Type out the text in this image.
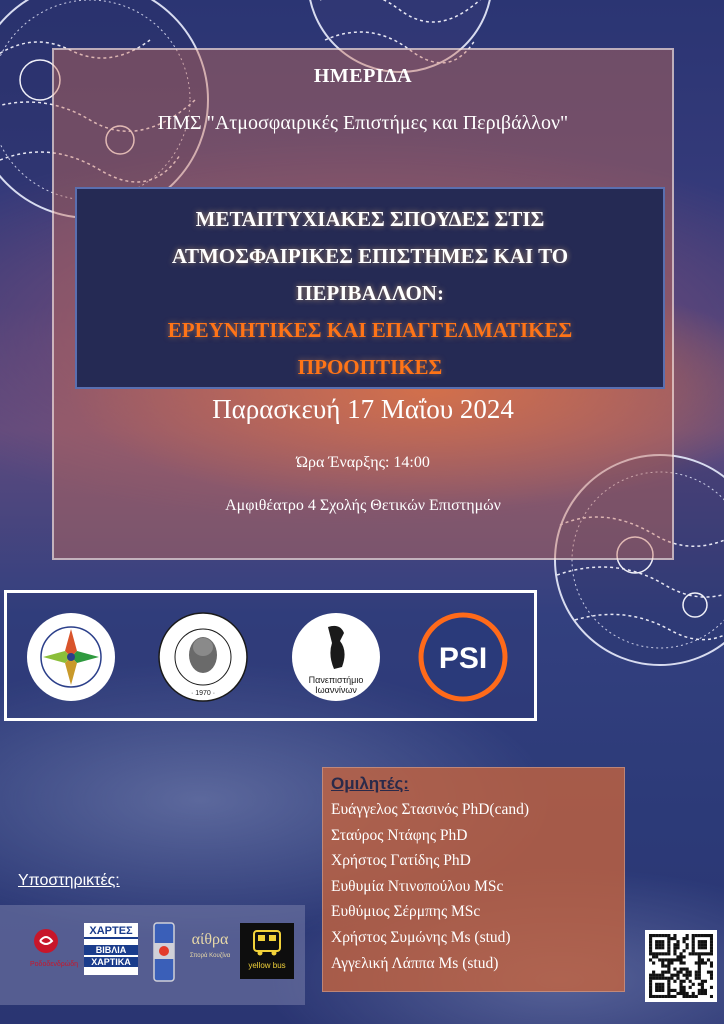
ΗΜΕΡΙΔΑ
ΠΜΣ "Ατμοσφαιρικές Επιστήμες και Περιβάλλον"
ΜΕΤΑΠΤΥΧΙΑΚΕΣ ΣΠΟΥΔΕΣ ΣΤΙΣ
ΑΤΜΟΣΦΑΙΡΙΚΕΣ ΕΠΙΣΤΗΜΕΣ ΚΑΙ ΤΟ
ΠΕΡΙΒΑΛΛΟΝ:
ΕΡΕΥΝΗΤΙΚΕΣ ΚΑΙ ΕΠΑΓΓΕΛΜΑΤΙΚΕΣ
ΠΡΟΟΠΤΙΚΕΣ
Παρασκευή 17 Μαΐου 2024
Ώρα Έναρξης: 14:00
Αμφιθέατρο 4 Σχολής Θετικών Επιστημών
· 1970 ·
Πανεπιστήμιο
Ιωαννίνων
PSI
Ομιλητές:
Ευάγγελος Στασινός PhD(cand)
Σταύρος Ντάφης PhD
Χρήστος Γατίδης PhD
Ευθυμία Ντινοπούλου MSc
Ευθύμιος Σέρμπης MSc
Χρήστος Συμώνης Ms (stud)
Αγγελική Λάππα Ms (stud)
Υποστηρικτές:
Ροδοδενδρώδη
ΧΑΡΤΕΣ
ΒΙΒΛΙΑ
ΧΑΡΤΙΚΑ
αίθρα
Σπορά Κουζίνα
yellow bus
